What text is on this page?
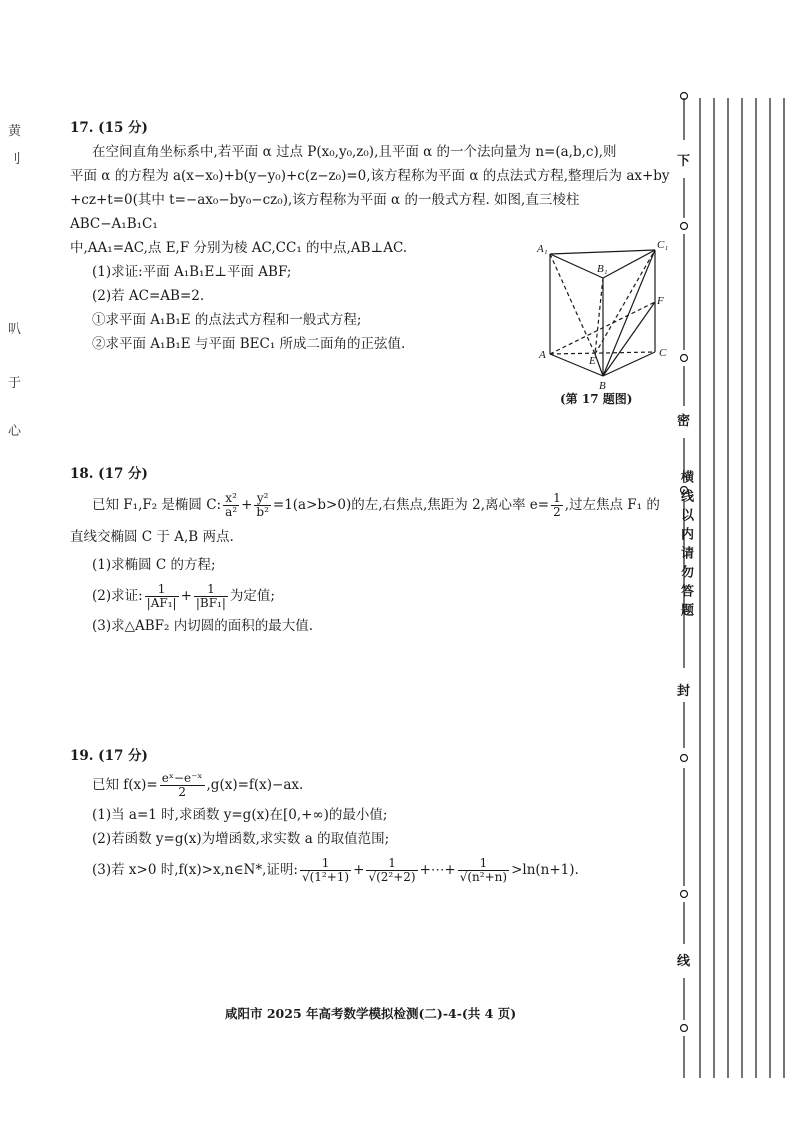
黄
刂
叭
于
心

17. (15 分)

在空间直角坐标系中,若平面 α 过点 P(x₀,y₀,z₀),且平面 α 的一个法向量为 n=(a,b,c),则

平面 α 的方程为 a(x−x₀)+b(y−y₀)+c(z−z₀)=0,该方程称为平面 α 的点法式方程,整理后为 ax+by

+cz+t=0(其中 t=−ax₀−by₀−cz₀),该方程称为平面 α 的一般式方程. 如图,直三棱柱 ABC−A₁B₁C₁

中,AA₁=AC,点 E,F 分别为棱 AC,CC₁ 的中点,AB⊥AC.

(1)求证:平面 A₁B₁E⊥平面 ABF;

(2)若 AC=AB=2.

①求平面 A₁B₁E 的点法式方程和一般式方程;

②求平面 A₁B₁E 与平面 BEC₁ 所成二面角的正弦值.

A₁
B₁
C₁
F
A	E
C
B
(第 17 题图)

18. (17 分)

已知 F₁,F₂ 是椭圆 C: $\frac{\text{x²}}{\text{a²}} + \frac{\text{y²}}{\text{b²}} =1(a>b>0)$的左,右焦点,焦距为 2,离心率 $e= \frac{1}{2}$ ,过左焦点 F₁ 的

直线交椭圆 C 于 A,B 两点.

(1)求椭圆 C 的方程;

(2)求证: $\frac{1}{\text{|AF₁|}} + \frac{1}{\text{|BF₁|}}$ 为定值;

(3)求△ABF₂ 内切圆的面积的最大值.

19. (17 分)

已知 $f(x)= \frac{\text{eˣ−e⁻ˣ}}{2} ,g(x)=f(x)-ax$.

(1)当 a=1 时,求函数 y=g(x)在[0,+∞)的最小值;

(2)若函数 y=g(x)为增函数,求实数 a 的取值范围;

(3)若 x>0 时,f(x)>x,n∈N*,证明: $\frac{1}{\text{√(1²+1)}} + \frac{1}{\text{√(2²+2)}}$ +⋯+ $\frac{1}{\text{√(n²+n)}} >\ln(n+1)$.

咸阳市 2025 年高考数学模拟检测(二)-4-(共 4 页)
下
密
横线以内请勿答题
封
线
